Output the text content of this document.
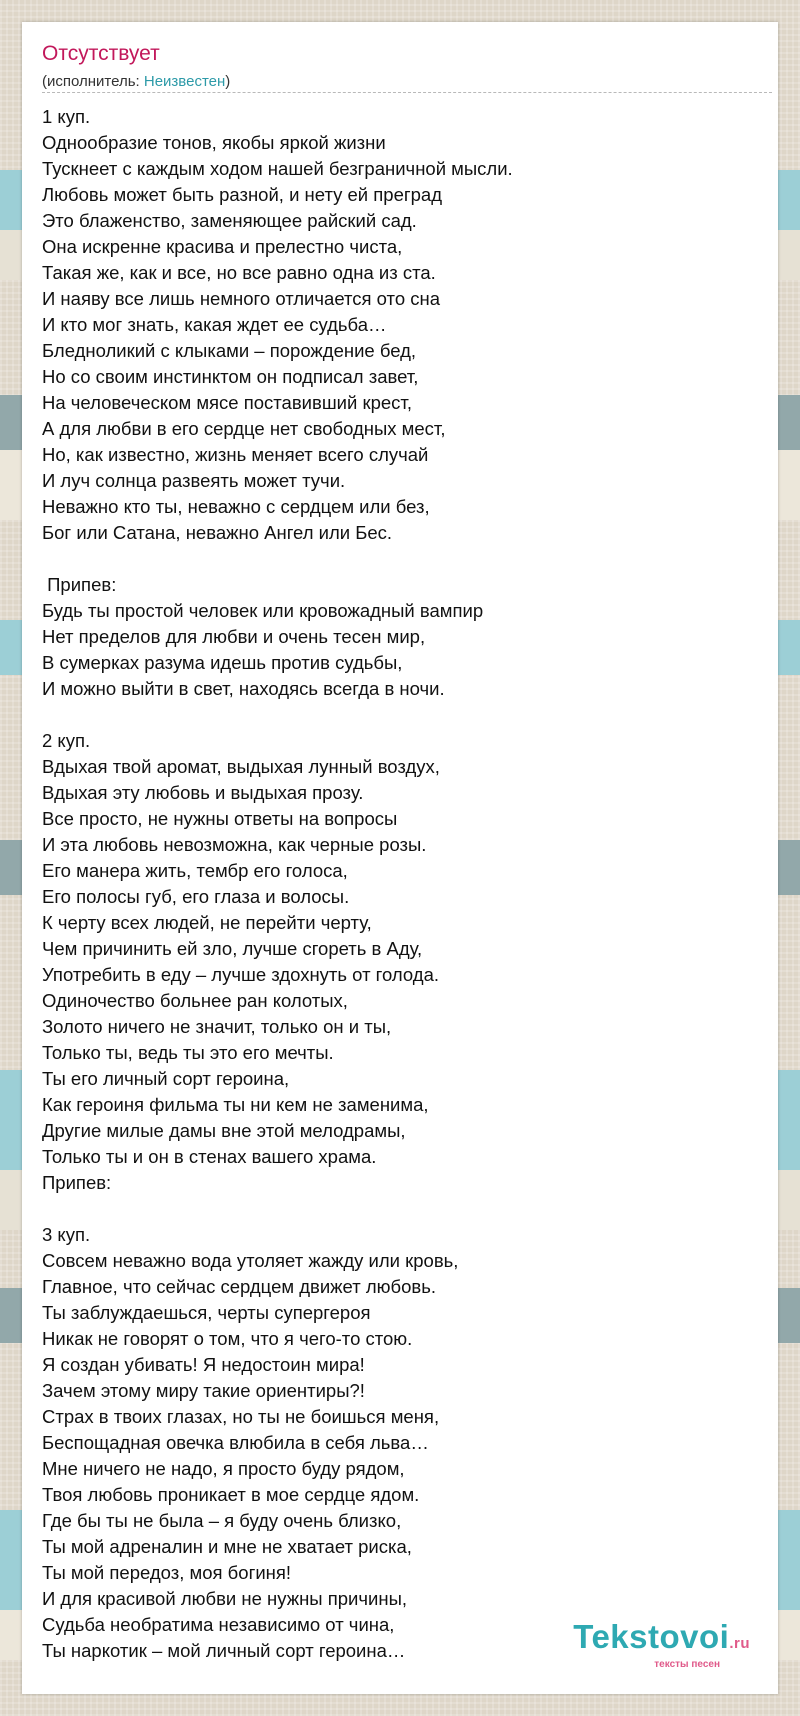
Отсутствует
(исполнитель: Неизвестен)
1 куп.
Однообразие тонов, якобы яркой жизни
Тускнеет с каждым ходом нашей безграничной мысли.
Любовь может быть разной, и нету ей преград
Это блаженство, заменяющее райский сад.
Она искренне красива и прелестно чиста,
Такая же, как и все, но все равно одна из ста.
И наяву все лишь немного отличается ото сна
И кто мог знать, какая ждет ее судьба…
Бледноликий с клыками – порождение бед,
Но со своим инстинктом он подписал завет,
На человеческом мясе поставивший крест,
А для любви в его сердце нет свободных мест,
Но, как известно, жизнь меняет всего случай
И луч солнца развеять может тучи.
Неважно кто ты, неважно с сердцем или без,
Бог или Сатана, неважно Ангел или Бес.

Припев:
Будь ты простой человек или кровожадный вампир
Нет пределов для любви и очень тесен мир,
В сумерках разума идешь против судьбы,
И можно выйти в свет, находясь всегда в ночи.

2 куп.
Вдыхая твой аромат, выдыхая лунный воздух,
Вдыхая эту любовь и выдыхая прозу.
Все просто, не нужны ответы на вопросы
И эта любовь невозможна, как черные розы.
Его манера жить, тембр его голоса,
Его полосы губ, его глаза и волосы.
К черту всех людей, не перейти черту,
Чем причинить ей зло, лучше сгореть в Аду,
Употребить в еду – лучше здохнуть от голода.
Одиночество больнее ран колотых,
Золото ничего не значит, только он и ты,
Только ты, ведь ты это его мечты.
Ты его личный сорт героина,
Как героиня фильма ты ни кем не заменима,
Другие милые дамы вне этой мелодрамы,
Только ты и он в стенах вашего храма.
Припев:

3 куп.
Совсем неважно вода утоляет жажду или кровь,
Главное, что сейчас сердцем движет любовь.
Ты заблуждаешься, черты супергероя
Никак не говорят о том, что я чего-то стою.
Я создан убивать! Я недостоин мира!
Зачем этому миру такие ориентиры?!
Страх в твоих глазах, но ты не боишься меня,
Беспощадная овечка влюбила в себя льва…
Мне ничего не надо, я просто буду рядом,
Твоя любовь проникает в мое сердце ядом.
Где бы ты не была – я буду очень близко,
Ты мой адреналин и мне не хватает риска,
Ты мой передоз, моя богиня!
И для красивой любви не нужны причины,
Судьба необратима независимо от чина,
Ты наркотик – мой личный сорт героина…	Tekstovoi.ru
тексты песен
